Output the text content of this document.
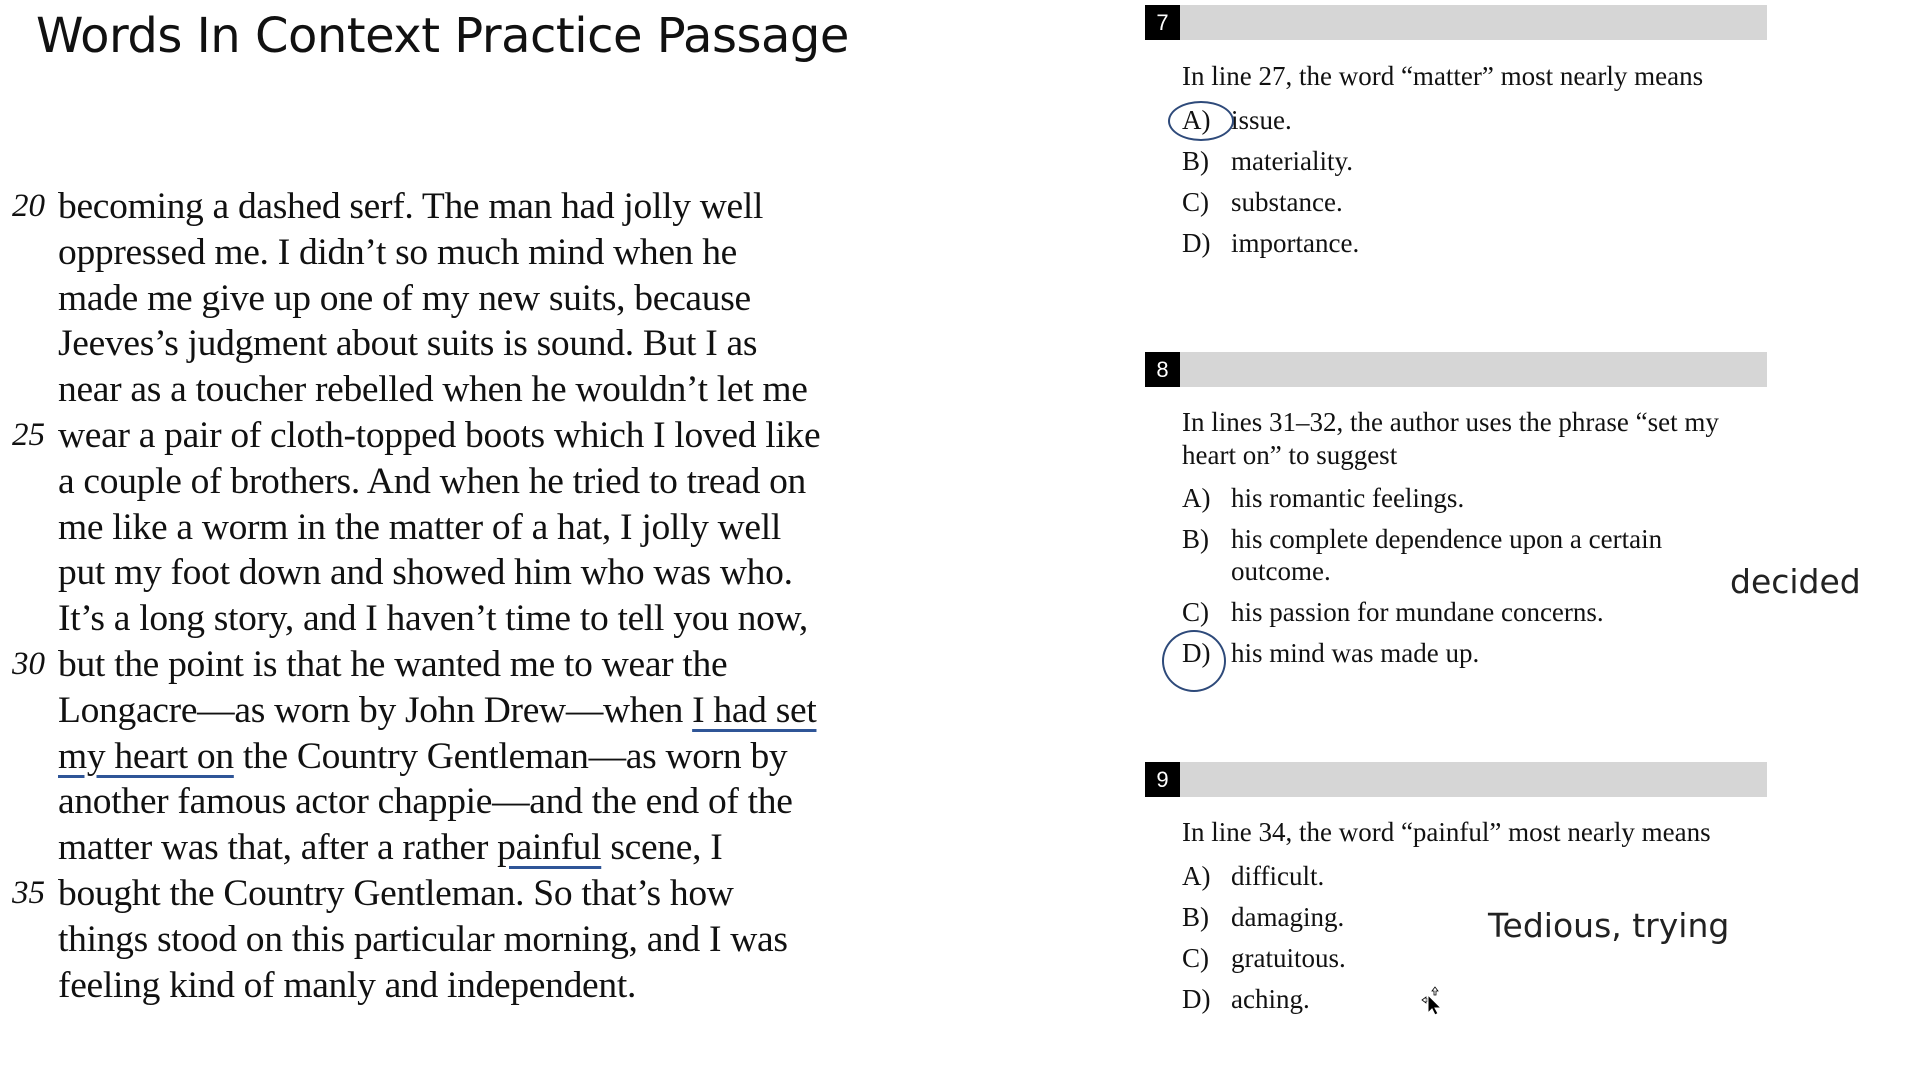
Words In Context Practice Passage
20 becoming a dashed serf. The man had jolly well
oppressed me. I didn’t so much mind when he
made me give up one of my new suits, because
Jeeves’s judgment about suits is sound. But I as
near as a toucher rebelled when he wouldn’t let me
25 wear a pair of cloth-topped boots which I loved like
a couple of brothers. And when he tried to tread on
me like a worm in the matter of a hat, I jolly well
put my foot down and showed him who was who.
It’s a long story, and I haven’t time to tell you now,
30 but the point is that he wanted me to wear the
Longacre—as worn by John Drew—when I had set
my heart on the Country Gentleman—as worn by
another famous actor chappie—and the end of the
matter was that, after a rather painful scene, I
35 bought the Country Gentleman. So that’s how
things stood on this particular morning, and I was
feeling kind of manly and independent.
7
In line 27, the word “matter” most nearly means
A) issue.
B) materiality.
C) substance.
D) importance.
8
In lines 31–32, the author uses the phrase “set my heart on” to suggest
A) his romantic feelings.
B) his complete dependence upon a certain outcome.
C) his passion for mundane concerns.
D) his mind was made up.
decided
9
In line 34, the word “painful” most nearly means
A) difficult.
B) damaging.
C) gratuitous.
D) aching.
Tedious, trying
